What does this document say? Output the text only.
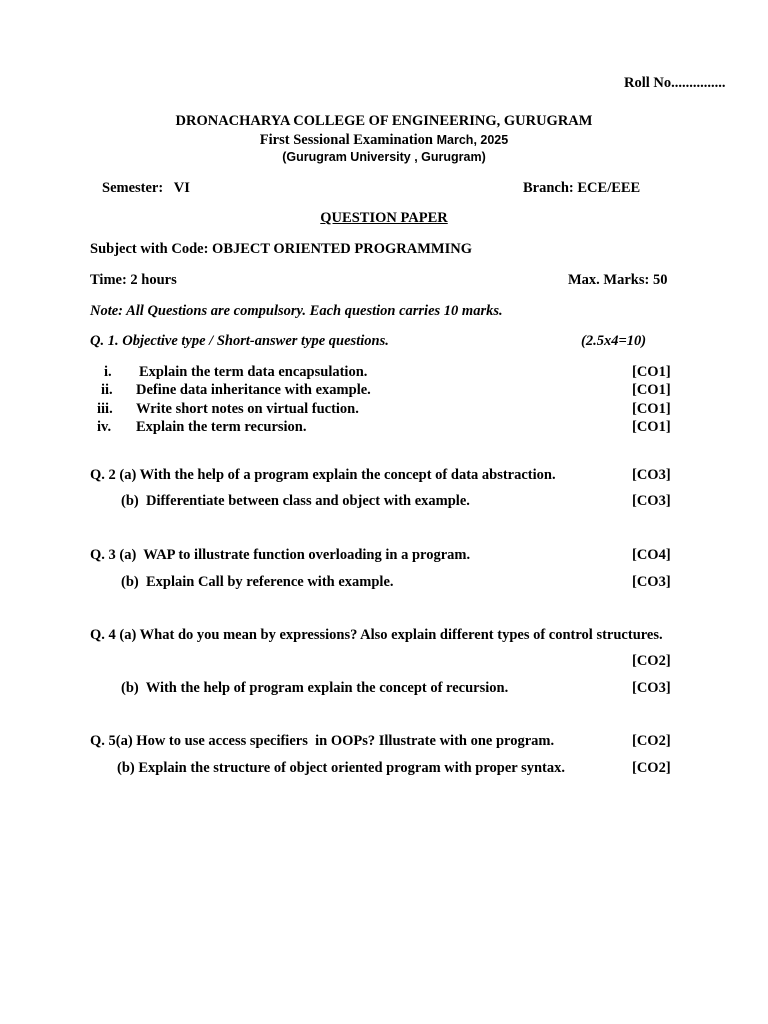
Roll No...............
DRONACHARYA COLLEGE OF ENGINEERING, GURUGRAM
First Sessional Examination March, 2025
(Gurugram University , Gurugram)
Semester:   VI	Branch: ECE/EEE
QUESTION PAPER
Subject with Code: OBJECT ORIENTED PROGRAMMING
Time: 2 hours	Max. Marks: 50
Note: All Questions are compulsory. Each question carries 10 marks.
Q. 1. Objective type / Short-answer type questions.	(2.5x4=10)
i. Explain the term data encapsulation.	[CO1]
ii. Define data inheritance with example.	[CO1]
iii. Write short notes on virtual fuction.	[CO1]
iv. Explain the term recursion.	[CO1]
Q. 2 (a) With the help of a program explain the concept of data abstraction.	[CO3]
(b)  Differentiate between class and object with example.	[CO3]
Q. 3 (a)  WAP to illustrate function overloading in a program.	[CO4]
(b)  Explain Call by reference with example.	[CO3]
Q. 4 (a) What do you mean by expressions? Also explain different types of control structures.
[CO2]
(b)  With the help of program explain the concept of recursion.	[CO3]
Q. 5(a) How to use access specifiers  in OOPs? Illustrate with one program.	[CO2]
(b) Explain the structure of object oriented program with proper syntax.	[CO2]
